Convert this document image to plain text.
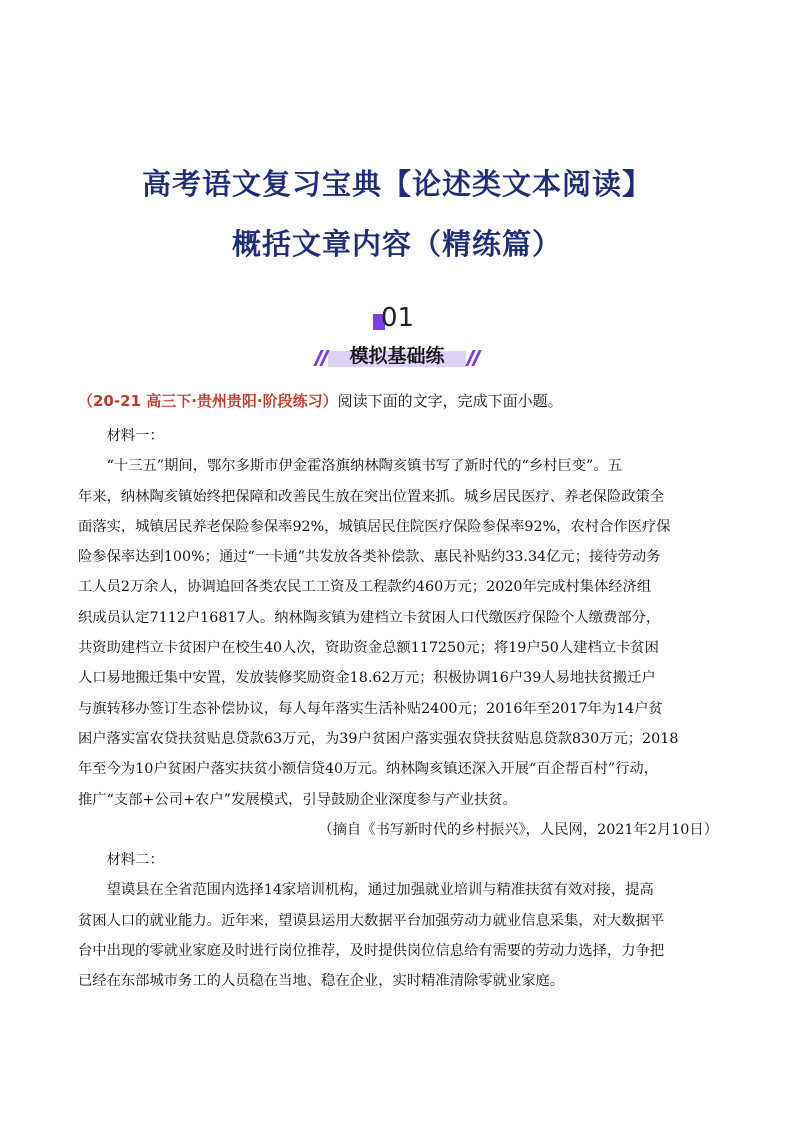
高考语文复习宝典【论述类文本阅读】
概括文章内容（精练篇）
01
模拟基础练
（20-21 高三下·贵州贵阳·阶段练习）阅读下面的文字，完成下面小题。
材料一：
“十三五”期间，鄂尔多斯市伊金霍洛旗纳林陶亥镇书写了新时代的“乡村巨变”。五
年来，纳林陶亥镇始终把保障和改善民生放在突出位置来抓。城乡居民医疗、养老保险政策全
面落实，城镇居民养老保险参保率92%，城镇居民住院医疗保险参保率92%，农村合作医疗保
险参保率达到100%；通过“一卡通”共发放各类补偿款、惠民补贴约33.34亿元；接待劳动务
工人员2万余人，协调追回各类农民工工资及工程款约460万元；2020年完成村集体经济组
织成员认定7112户16817人。纳林陶亥镇为建档立卡贫困人口代缴医疗保险个人缴费部分，
共资助建档立卡贫困户在校生40人次，资助资金总额117250元；将19户50人建档立卡贫困
人口易地搬迁集中安置，发放装修奖励资金18.62万元；积极协调16户39人易地扶贫搬迁户
与旗转移办签订生态补偿协议，每人每年落实生活补贴2400元；2016年至2017年为14户贫
困户落实富农贷扶贫贴息贷款63万元，为39户贫困户落实强农贷扶贫贴息贷款830万元；2018
年至今为10户贫困户落实扶贫小额信贷40万元。纳林陶亥镇还深入开展“百企帮百村”行动，
推广“支部+公司+农户”发展模式，引导鼓励企业深度参与产业扶贫。
（摘自《书写新时代的乡村振兴》，人民网，2021年2月10日）
材料二：
望谟县在全省范围内选择14家培训机构，通过加强就业培训与精准扶贫有效对接，提高
贫困人口的就业能力。近年来，望谟县运用大数据平台加强劳动力就业信息采集，对大数据平
台中出现的零就业家庭及时进行岗位推荐，及时提供岗位信息给有需要的劳动力选择，力争把
已经在东部城市务工的人员稳在当地、稳在企业，实时精准清除零就业家庭。
